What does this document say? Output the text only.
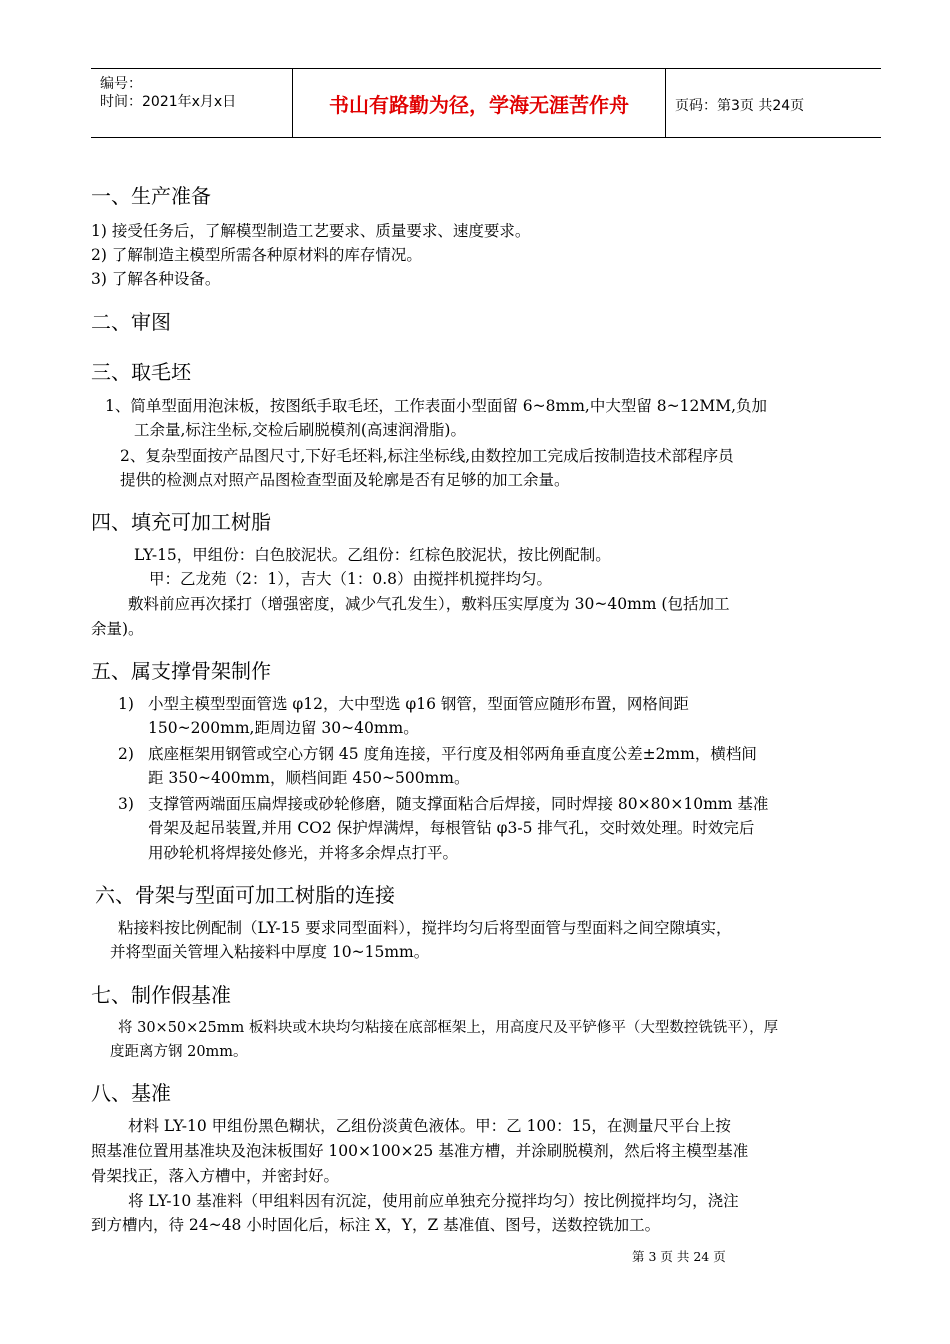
编号：
时间：2021年x月x日	书山有路勤为径，学海无涯苦作舟	页码：第3页 共24页
一、生产准备
1) 接受任务后，了解模型制造工艺要求、质量要求、速度要求。
2) 了解制造主模型所需各种原材料的库存情况。
3) 了解各种设备。
二、审图
三、取毛坯
1、简单型面用泡沫板，按图纸手取毛坯，工作表面小型面留 6~8mm,中大型留 8~12MM,负加
工余量,标注坐标,交检后刷脱模剂(高速润滑脂)。
2、复杂型面按产品图尺寸,下好毛坯料,标注坐标线,由数控加工完成后按制造技术部程序员
提供的检测点对照产品图检查型面及轮廓是否有足够的加工余量。
四、填充可加工树脂
LY-15，甲组份：白色胶泥状。乙组份：红棕色胶泥状，按比例配制。
甲：乙龙苑（2：1），吉大（1：0.8）由搅拌机搅拌均匀。
敷料前应再次揉打（增强密度，减少气孔发生），敷料压实厚度为 30~40mm (包括加工
余量)。
五、属支撑骨架制作
1) 小型主模型型面管选 φ12，大中型选 φ16 钢管，型面管应随形布置，网格间距
150~200mm,距周边留 30~40mm。
2) 底座框架用钢管或空心方钢 45 度角连接，平行度及相邻两角垂直度公差±2mm，横档间
距 350~400mm，顺档间距 450~500mm。
3) 支撑管两端面压扁焊接或砂轮修磨，随支撑面粘合后焊接，同时焊接 80×80×10mm 基准
骨架及起吊装置,并用 CO2 保护焊满焊，每根管钻 φ3-5 排气孔，交时效处理。时效完后
用砂轮机将焊接处修光，并将多余焊点打平。
六、骨架与型面可加工树脂的连接
粘接料按比例配制（LY-15 要求同型面料），搅拌均匀后将型面管与型面料之间空隙填实，
并将型面关管埋入粘接料中厚度 10~15mm。
七、制作假基准
将 30×50×25mm 板料块或木块均匀粘接在底部框架上，用高度尺及平铲修平（大型数控铣铣平），厚
度距离方钢 20mm。
八、基准
材料 LY-10 甲组份黑色糊状，乙组份淡黄色液体。甲：乙 100：15，在测量尺平台上按
照基准位置用基准块及泡沫板围好 100×100×25 基准方槽，并涂刷脱模剂，然后将主模型基准
骨架找正，落入方槽中，并密封好。
将 LY-10 基准料（甲组料因有沉淀，使用前应单独充分搅拌均匀）按比例搅拌均匀，浇注
到方槽内，待 24~48 小时固化后，标注 X，Y，Z 基准值、图号，送数控铣加工。
第 3 页 共 24 页
